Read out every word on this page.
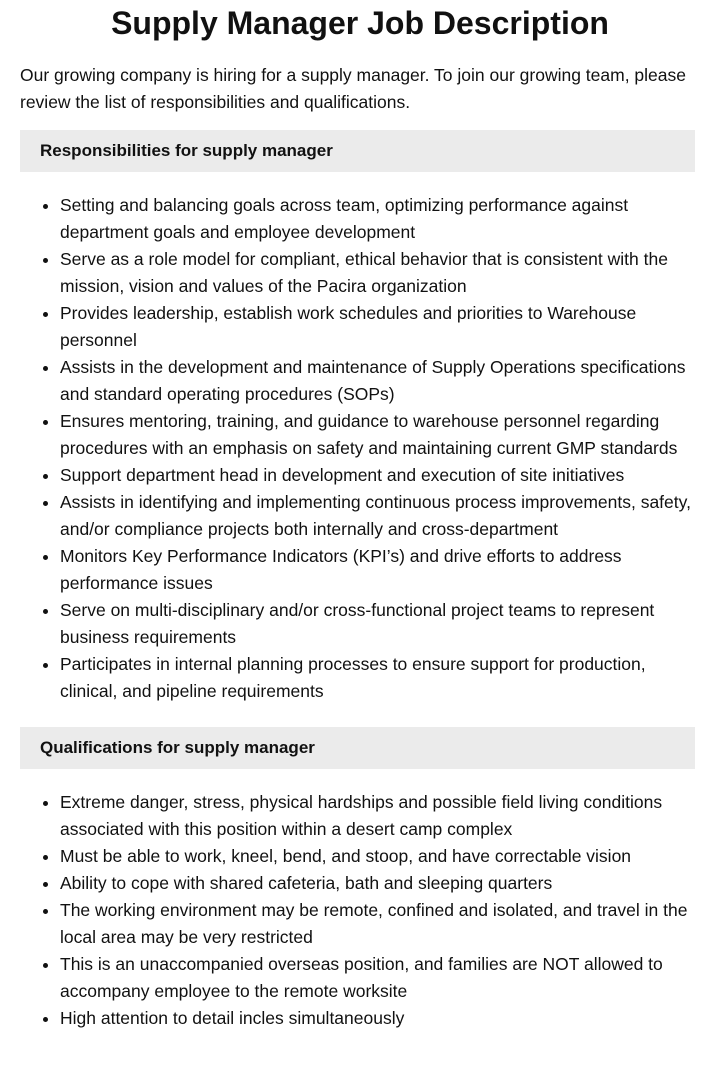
Supply Manager Job Description

Our growing company is hiring for a supply manager. To join our growing team, please review the list of responsibilities and qualifications.

Responsibilities for supply manager
• Setting and balancing goals across team, optimizing performance against department goals and employee development
• Serve as a role model for compliant, ethical behavior that is consistent with the mission, vision and values of the Pacira organization
• Provides leadership, establish work schedules and priorities to Warehouse personnel
• Assists in the development and maintenance of Supply Operations specifications and standard operating procedures (SOPs)
• Ensures mentoring, training, and guidance to warehouse personnel regarding procedures with an emphasis on safety and maintaining current GMP standards
• Support department head in development and execution of site initiatives
• Assists in identifying and implementing continuous process improvements, safety, and/or compliance projects both internally and cross-department
• Monitors Key Performance Indicators (KPI’s) and drive efforts to address performance issues
• Serve on multi-disciplinary and/or cross-functional project teams to represent business requirements
• Participates in internal planning processes to ensure support for production, clinical, and pipeline requirements
Qualifications for supply manager
• Extreme danger, stress, physical hardships and possible field living conditions associated with this position within a desert camp complex
• Must be able to work, kneel, bend, and stoop, and have correctable vision
• Ability to cope with shared cafeteria, bath and sleeping quarters
• The working environment may be remote, confined and isolated, and travel in the local area may be very restricted
• This is an unaccompanied overseas position, and families are NOT allowed to accompany employee to the remote worksite
• High attention to detail incles simultaneously
